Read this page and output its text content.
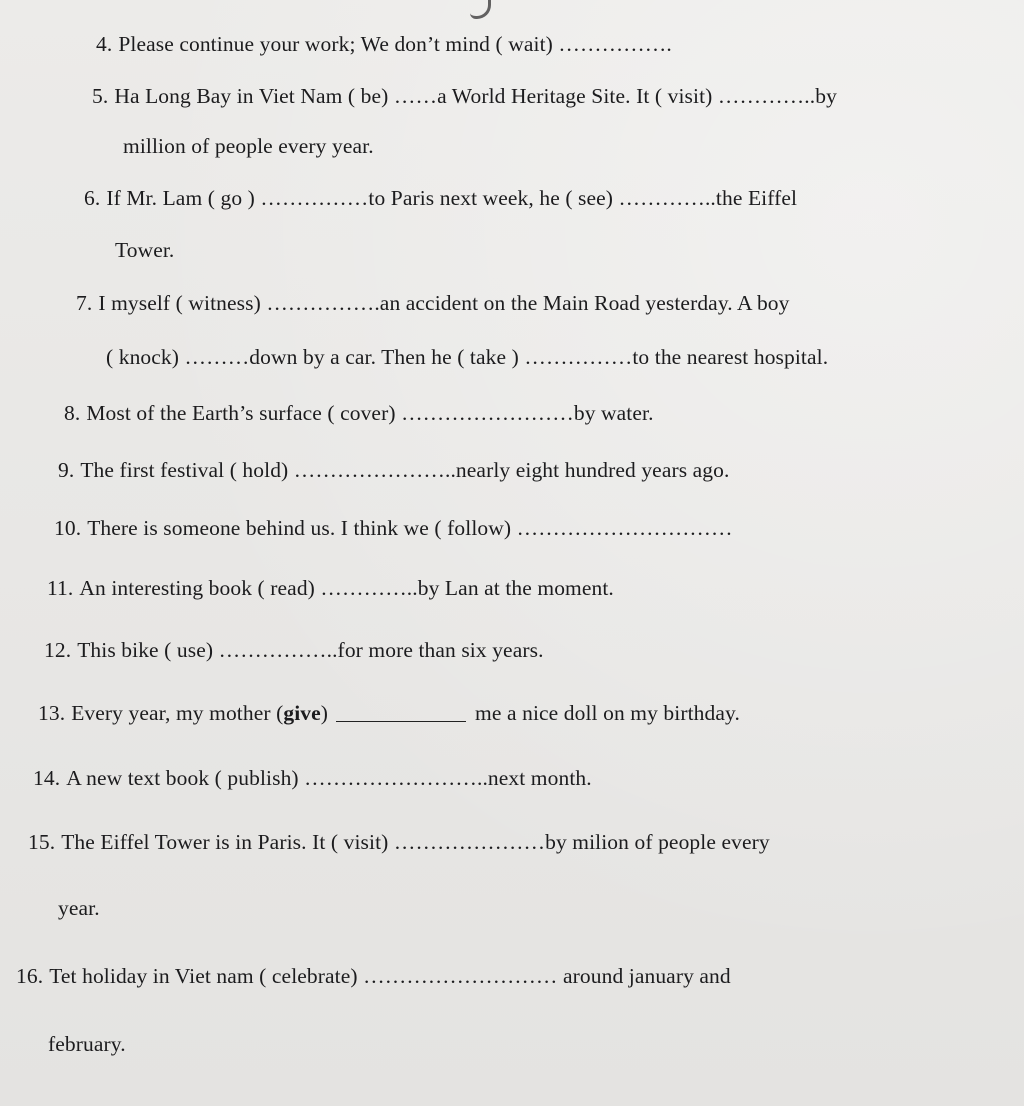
4. Please continue your work; We don’t mind ( wait) …………….
5. Ha Long Bay in Viet Nam ( be) ……a World Heritage Site. It ( visit) …………..by
million of people every year.
6. If Mr. Lam ( go ) ……………to Paris next week, he ( see) …………..the Eiffel
Tower.
7. I myself ( witness) …………….an accident on the Main Road yesterday. A boy
( knock) ………down by a car. Then he ( take ) ……………to the nearest hospital.
8. Most of the Earth’s surface ( cover) ……………………by water.
9. The first festival ( hold) …………………..nearly eight hundred years ago.
10. There is someone behind us. I think we ( follow) …………………………
11. An interesting book ( read) …………..by Lan at the moment.
12. This bike ( use) ……………..for more than six years.
13. Every year, my mother (give)	me a nice doll on my birthday.
14. A new text book ( publish) ……………………..next month.
15. The Eiffel Tower is in Paris. It ( visit) …………………by milion of people every
year.
16. Tet holiday in Viet nam ( celebrate) ……………………… around january and
february.
